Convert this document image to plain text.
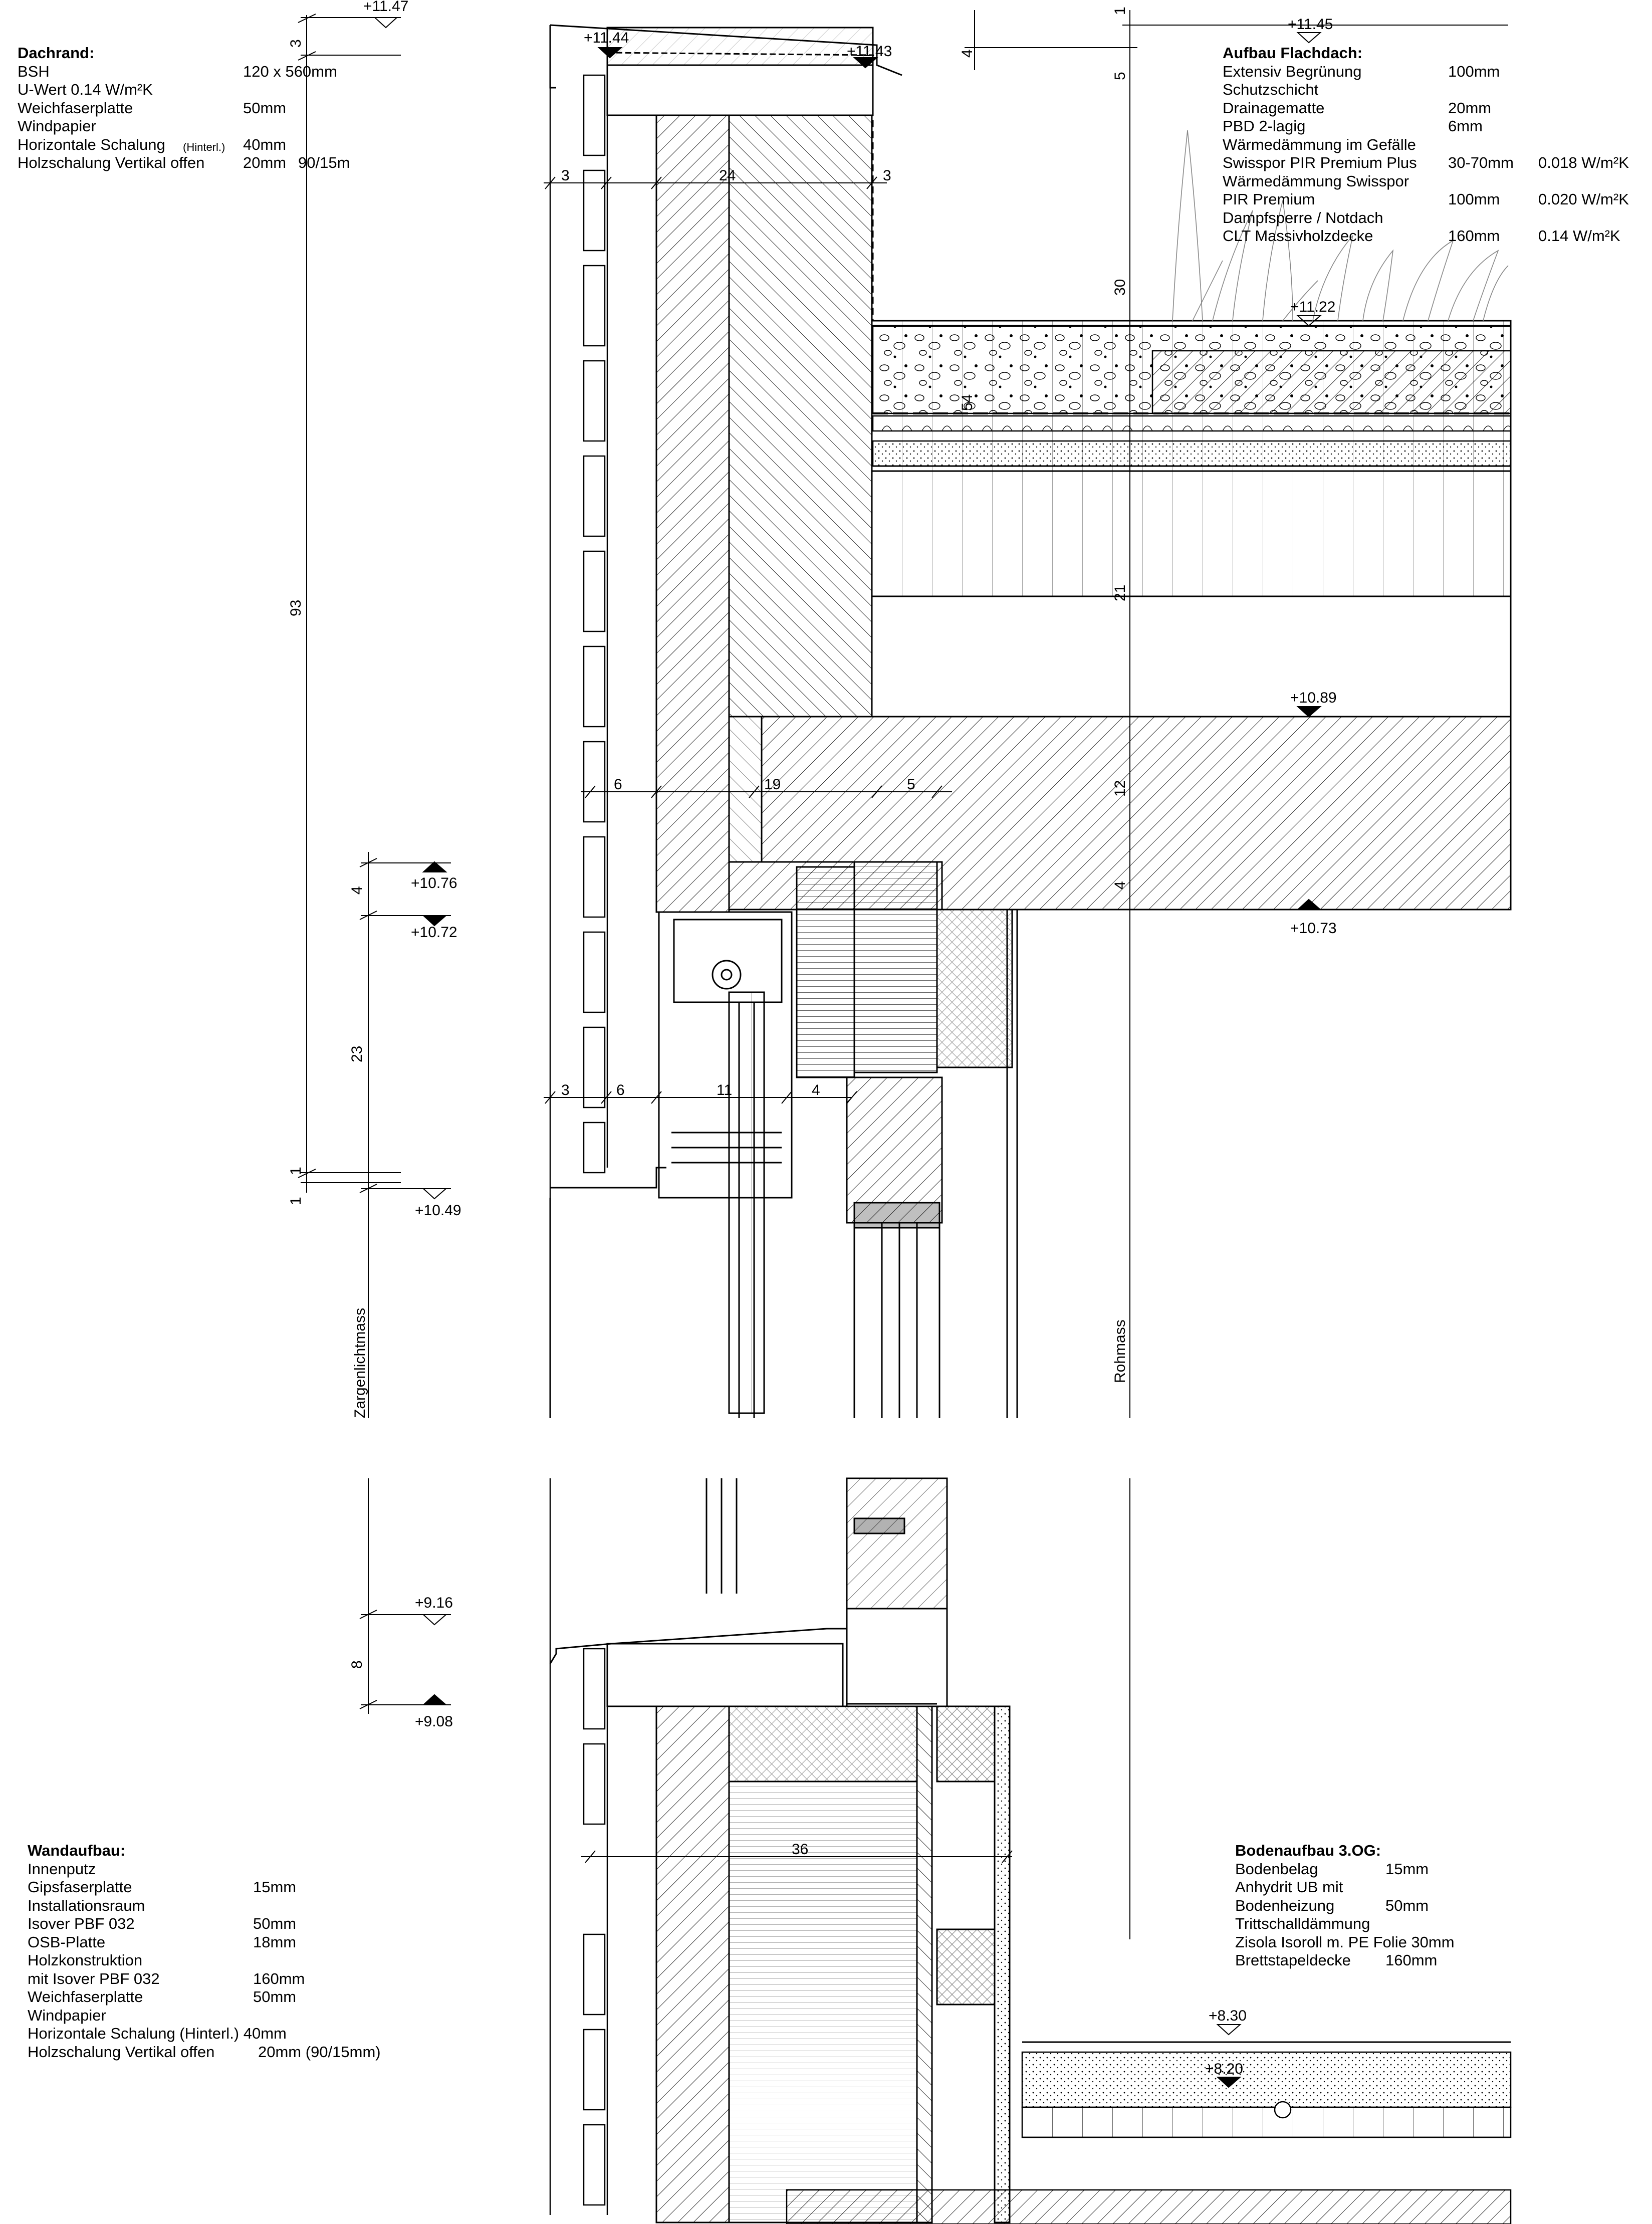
+11.47
+11.44
+11.43
+11.45
+11.22
+10.89
+10.76
+10.72	+10.73
+10.49
+9.16
+9.08
+8.30
+8.20
3	24	3
6	19	5
3	6	11	4
36
93
3
4
5
30
54
21
12
4
4
23
8
1
1
1
Zargenlichtmass	Rohmass
Dachrand:
BSH	120 x 560mm
U-Wert 0.14 W/m²K
Weichfaserplatte	50mm
Windpapier
Horizontale Schalung (Hinterl.) 40mm
Holzschalung Vertikal offen 20mm 90/15m
Aufbau Flachdach:
Extensiv Begrünung	100mm
Schutzschicht
Drainagematte	20mm
PBD 2-lagig	6mm
Wärmedämmung im Gefälle
Swisspor PIR Premium Plus 30-70mm 0.018 W/m²K
Wärmedämmung Swisspor
PIR Premium	100mm 0.020 W/m²K
Dampfsperre / Notdach
CLT Massivholzdecke	160mm 0.14 W/m²K
Wandaufbau:
Innenputz
Gipsfaserplatte	15mm
Installationsraum
Isover PBF 032	50mm
OSB-Platte	18mm
Holzkonstruktion
mit Isover PBF 032	160mm
Weichfaserplatte	50mm
Windpapier
Horizontale Schalung (Hinterl.) 40mm
Holzschalung Vertikal offen	20mm (90/15mm)
Bodenaufbau 3.OG:
Bodenbelag	15mm
Anhydrit UB mit
Bodenheizung	50mm
Trittschalldämmung
Zisola Isoroll m. PE Folie 30mm
Brettstapeldecke 160mm
